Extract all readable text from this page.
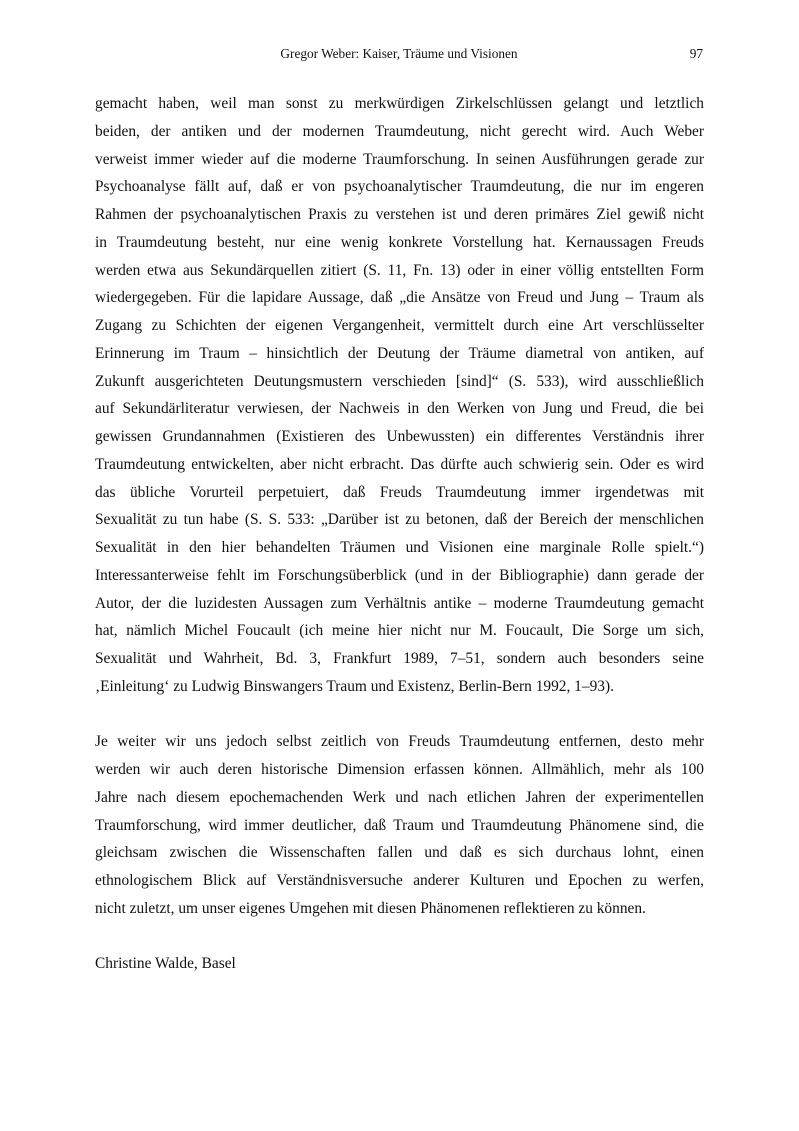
Gregor Weber: Kaiser, Träume und Visionen	97

gemacht haben, weil man sonst zu merkwürdigen Zirkelschlüssen gelangt und letztlich
beiden, der antiken und der modernen Traumdeutung, nicht gerecht wird. Auch Weber
verweist immer wieder auf die moderne Traumforschung. In seinen Ausführungen gerade zur
Psychoanalyse fällt auf, daß er von psychoanalytischer Traumdeutung, die nur im engeren
Rahmen der psychoanalytischen Praxis zu verstehen ist und deren primäres Ziel gewiß nicht
in Traumdeutung besteht, nur eine wenig konkrete Vorstellung hat. Kernaussagen Freuds
werden etwa aus Sekundärquellen zitiert (S. 11, Fn. 13) oder in einer völlig entstellten Form
wiedergegeben. Für die lapidare Aussage, daß „die Ansätze von Freud und Jung – Traum als
Zugang zu Schichten der eigenen Vergangenheit, vermittelt durch eine Art verschlüsselter
Erinnerung im Traum – hinsichtlich der Deutung der Träume diametral von antiken, auf
Zukunft ausgerichteten Deutungsmustern verschieden [sind]“ (S. 533), wird ausschließlich
auf Sekundärliteratur verwiesen, der Nachweis in den Werken von Jung und Freud, die bei
gewissen Grundannahmen (Existieren des Unbewussten) ein differentes Verständnis ihrer
Traumdeutung entwickelten, aber nicht erbracht. Das dürfte auch schwierig sein. Oder es wird
das übliche Vorurteil perpetuiert, daß Freuds Traumdeutung immer irgendetwas mit
Sexualität zu tun habe (S. S. 533: „Darüber ist zu betonen, daß der Bereich der menschlichen
Sexualität in den hier behandelten Träumen und Visionen eine marginale Rolle spielt.“)
Interessanterweise fehlt im Forschungsüberblick (und in der Bibliographie) dann gerade der
Autor, der die luzidesten Aussagen zum Verhältnis antike – moderne Traumdeutung gemacht
hat, nämlich Michel Foucault (ich meine hier nicht nur M. Foucault, Die Sorge um sich,
Sexualität und Wahrheit, Bd. 3, Frankfurt 1989, 7–51, sondern auch besonders seine
‚Einleitung‘ zu Ludwig Binswangers Traum und Existenz, Berlin-Bern 1992, 1–93).

Je weiter wir uns jedoch selbst zeitlich von Freuds Traumdeutung entfernen, desto mehr
werden wir auch deren historische Dimension erfassen können. Allmählich, mehr als 100
Jahre nach diesem epochemachenden Werk und nach etlichen Jahren der experimentellen
Traumforschung, wird immer deutlicher, daß Traum und Traumdeutung Phänomene sind, die
gleichsam zwischen die Wissenschaften fallen und daß es sich durchaus lohnt, einen
ethnologischem Blick auf Verständnisversuche anderer Kulturen und Epochen zu werfen,
nicht zuletzt, um unser eigenes Umgehen mit diesen Phänomenen reflektieren zu können.

Christine Walde, Basel
